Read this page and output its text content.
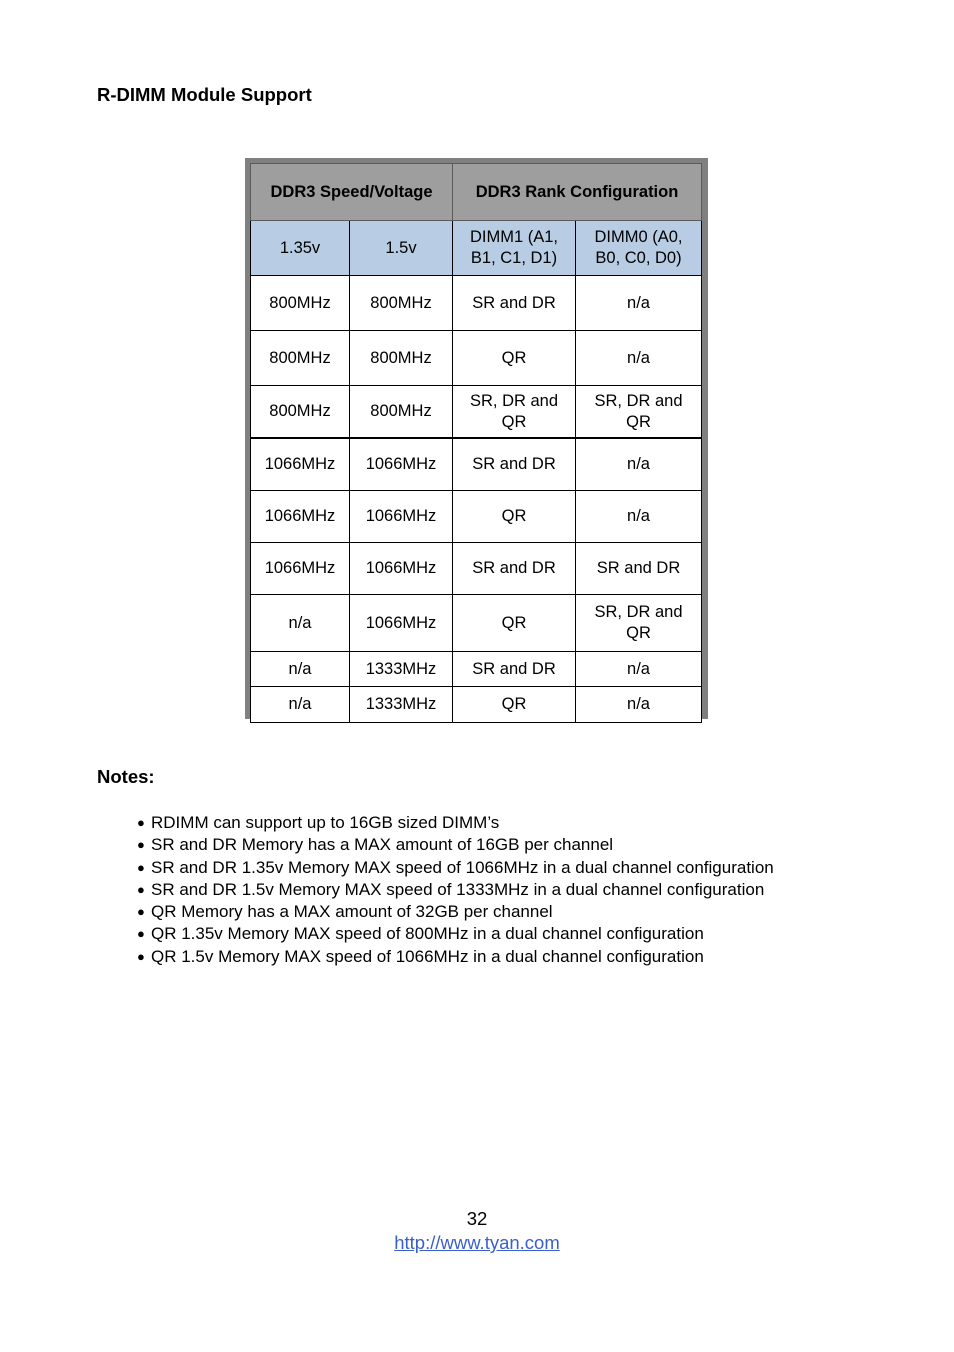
R-DIMM Module Support
DDR3 Speed/Voltage		DDR3 Rank Configuration	
1.35v	1.5v	DIMM1 (A1, B1, C1, D1)	DIMM0 (A0, B0, C0, D0)
800MHz	800MHz	SR and DR	n/a
800MHz	800MHz	QR	n/a
800MHz	800MHz	SR, DR and QR	SR, DR and QR
1066MHz	1066MHz	SR and DR	n/a
1066MHz	1066MHz	QR	n/a
1066MHz	1066MHz	SR and DR	SR and DR
n/a	1066MHz	QR	SR, DR and QR
n/a	1333MHz	SR and DR	n/a
n/a	1333MHz	QR	n/a
Notes:
● RDIMM can support up to 16GB sized DIMM’s
● SR and DR Memory has a MAX amount of 16GB per channel
● SR and DR 1.35v Memory MAX speed of 1066MHz in a dual channel configuration
● SR and DR 1.5v Memory MAX speed of 1333MHz in a dual channel configuration
● QR Memory has a MAX amount of 32GB per channel
● QR 1.35v Memory MAX speed of 800MHz in a dual channel configuration
● QR 1.5v Memory MAX speed of 1066MHz in a dual channel configuration
32
http://www.tyan.com
